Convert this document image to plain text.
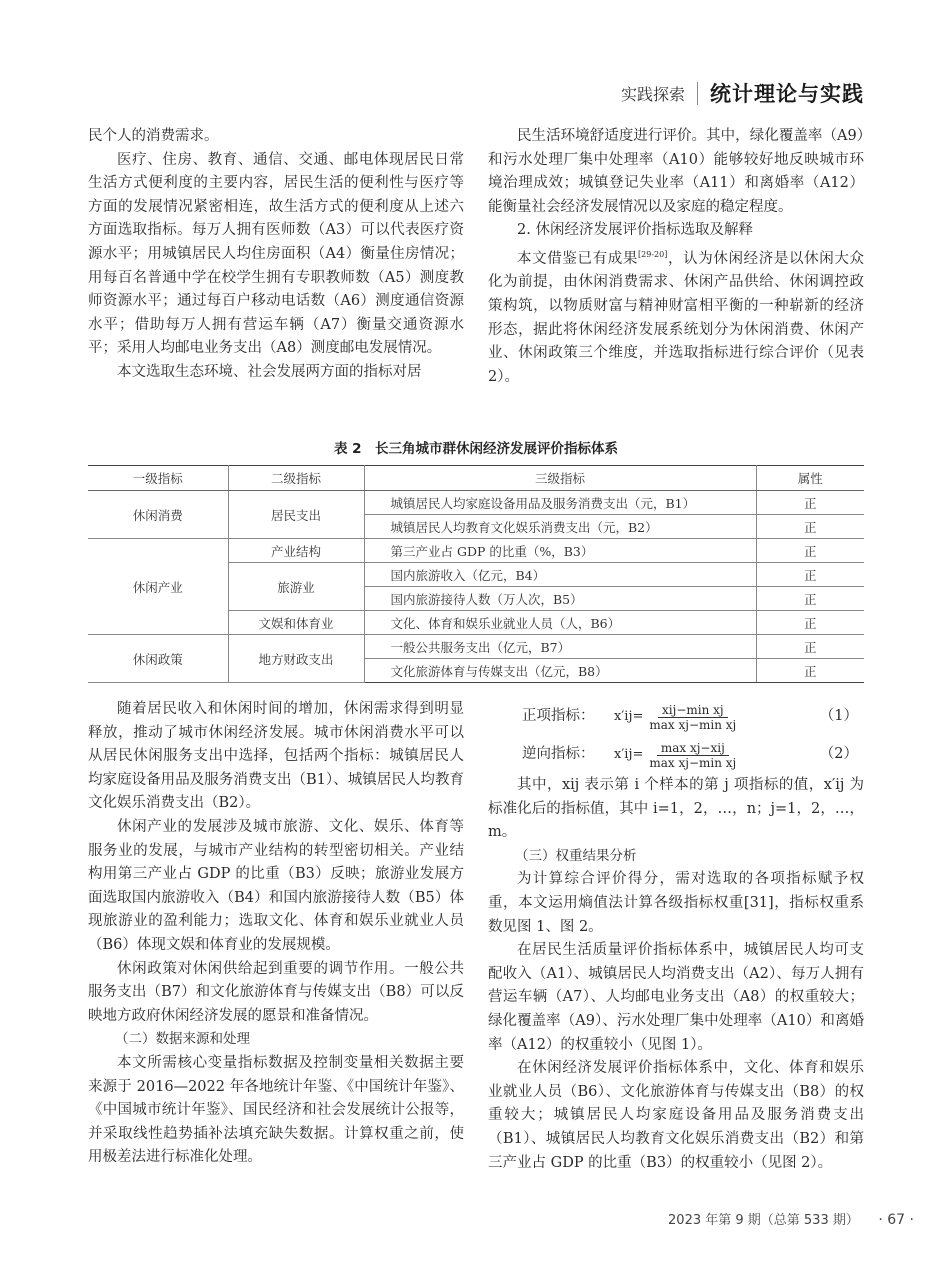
实践探索	统计理论与实践

民个人的消费需求。

医疗、住房、教育、通信、交通、邮电体现居民日常生活方式便利度的主要内容，居民生活的便利性与医疗等方面的发展情况紧密相连，故生活方式的便利度从上述六方面选取指标。每万人拥有医师数（A3）可以代表医疗资源水平；用城镇居民人均住房面积（A4）衡量住房情况；用每百名普通中学在校学生拥有专职教师数（A5）测度教师资源水平；通过每百户移动电话数（A6）测度通信资源水平；借助每万人拥有营运车辆（A7）衡量交通资源水平；采用人均邮电业务支出（A8）测度邮电发展情况。

本文选取生态环境、社会发展两方面的指标对居

民生活环境舒适度进行评价。其中，绿化覆盖率（A9）和污水处理厂集中处理率（A10）能够较好地反映城市环境治理成效；城镇登记失业率（A11）和离婚率（A12）能衡量社会经济发展情况以及家庭的稳定程度。

2. 休闲经济发展评价指标选取及解释

本文借鉴已有成果[29-20]，认为休闲经济是以休闲大众化为前提，由休闲消费需求、休闲产品供给、休闲调控政策构筑，以物质财富与精神财富相平衡的一种崭新的经济形态，据此将休闲经济发展系统划分为休闲消费、休闲产业、休闲政策三个维度，并选取指标进行综合评价（见表 2）。

表 2　长三角城市群休闲经济发展评价指标体系
一级指标	二级指标	三级指标	属性
休闲消费	居民支出	城镇居民人均家庭设备用品及服务消费支出（元，B1）	正
		城镇居民人均教育文化娱乐消费支出（元，B2）	正
休闲产业	产业结构	第三产业占 GDP 的比重（%，B3）	正
	旅游业	国内旅游收入（亿元，B4）	正
		国内旅游接待人数（万人次，B5）	正
	文娱和体育业	文化、体育和娱乐业就业人员（人，B6）	正
休闲政策	地方财政支出	一般公共服务支出（亿元，B7）	正
		文化旅游体育与传媒支出（亿元，B8）	正

随着居民收入和休闲时间的增加，休闲需求得到明显释放，推动了城市休闲经济发展。城市休闲消费水平可以从居民休闲服务支出中选择，包括两个指标：城镇居民人均家庭设备用品及服务消费支出（B1）、城镇居民人均教育文化娱乐消费支出（B2）。

休闲产业的发展涉及城市旅游、文化、娱乐、体育等服务业的发展，与城市产业结构的转型密切相关。产业结构用第三产业占 GDP 的比重（B3）反映；旅游业发展方面选取国内旅游收入（B4）和国内旅游接待人数（B5）体现旅游业的盈利能力；选取文化、体育和娱乐业就业人员（B6）体现文娱和体育业的发展规模。

休闲政策对休闲供给起到重要的调节作用。一般公共服务支出（B7）和文化旅游体育与传媒支出（B8）可以反映地方政府休闲经济发展的愿景和准备情况。

（二）数据来源和处理

本文所需核心变量指标数据及控制变量相关数据主要来源于 2016—2022 年各地统计年鉴、《中国统计年鉴》、《中国城市统计年鉴》、国民经济和社会发展统计公报等，并采取线性趋势插补法填充缺失数据。计算权重之前，使用极差法进行标准化处理。

正项指标：	$x'ij= \frac{\text{xij−min xj}}{\text{max xj−min xj}}$	（1）
逆向指标：	$x'ij= \frac{\text{max xj−xij}}{\text{max xj−min xj}}$	（2）

其中，xij 表示第 i 个样本的第 j 项指标的值，x′ij 为标准化后的指标值，其中 i=1，2，…，n；j=1，2，…，m。

（三）权重结果分析

为计算综合评价得分，需对选取的各项指标赋予权重，本文运用熵值法计算各级指标权重[31]，指标权重系数见图 1、图 2。

在居民生活质量评价指标体系中，城镇居民人均可支配收入（A1）、城镇居民人均消费支出（A2）、每万人拥有营运车辆（A7）、人均邮电业务支出（A8）的权重较大；绿化覆盖率（A9）、污水处理厂集中处理率（A10）和离婚率（A12）的权重较小（见图 1）。

在休闲经济发展评价指标体系中，文化、体育和娱乐业就业人员（B6）、文化旅游体育与传媒支出（B8）的权重较大；城镇居民人均家庭设备用品及服务消费支出（B1）、城镇居民人均教育文化娱乐消费支出（B2）和第三产业占 GDP 的比重（B3）的权重较小（见图 2）。

2023 年第 9 期（总第 533 期） · 67 ·
